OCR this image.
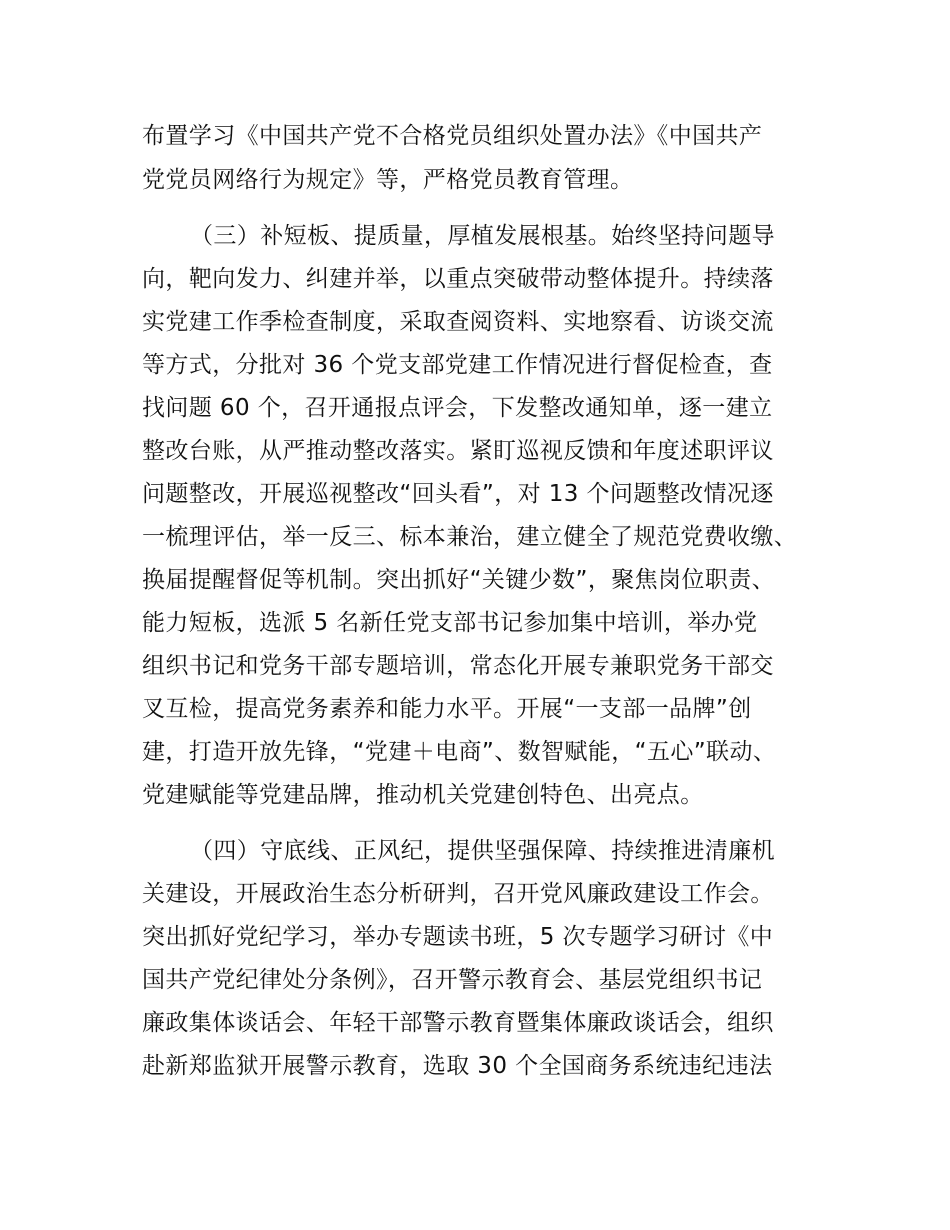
布置学习《中国共产党不合格党员组织处置办法》《中国共产
党党员网络行为规定》等，严格党员教育管理。
（三）补短板、提质量，厚植发展根基。始终坚持问题导
向，靶向发力、纠建并举，以重点突破带动整体提升。持续落
实党建工作季检查制度，采取查阅资料、实地察看、访谈交流
等方式，分批对 36 个党支部党建工作情况进行督促检查，查
找问题 60 个，召开通报点评会，下发整改通知单，逐一建立
整改台账，从严推动整改落实。紧盯巡视反馈和年度述职评议
问题整改，开展巡视整改“回头看”，对 13 个问题整改情况逐
一梳理评估，举一反三、标本兼治，建立健全了规范党费收缴、
换届提醒督促等机制。突出抓好“关键少数”，聚焦岗位职责、
能力短板，选派 5 名新任党支部书记参加集中培训，举办党
组织书记和党务干部专题培训，常态化开展专兼职党务干部交
叉互检，提高党务素养和能力水平。开展“一支部一品牌”创
建，打造开放先锋，“党建＋电商”、数智赋能，“五心”联动、
党建赋能等党建品牌，推动机关党建创特色、出亮点。
（四）守底线、正风纪，提供坚强保障、持续推进清廉机
关建设，开展政治生态分析研判，召开党风廉政建设工作会。
突出抓好党纪学习，举办专题读书班，5 次专题学习研讨《中
国共产党纪律处分条例》，召开警示教育会、基层党组织书记
廉政集体谈话会、年轻干部警示教育暨集体廉政谈话会，组织
赴新郑监狱开展警示教育，选取 30 个全国商务系统违纪违法
